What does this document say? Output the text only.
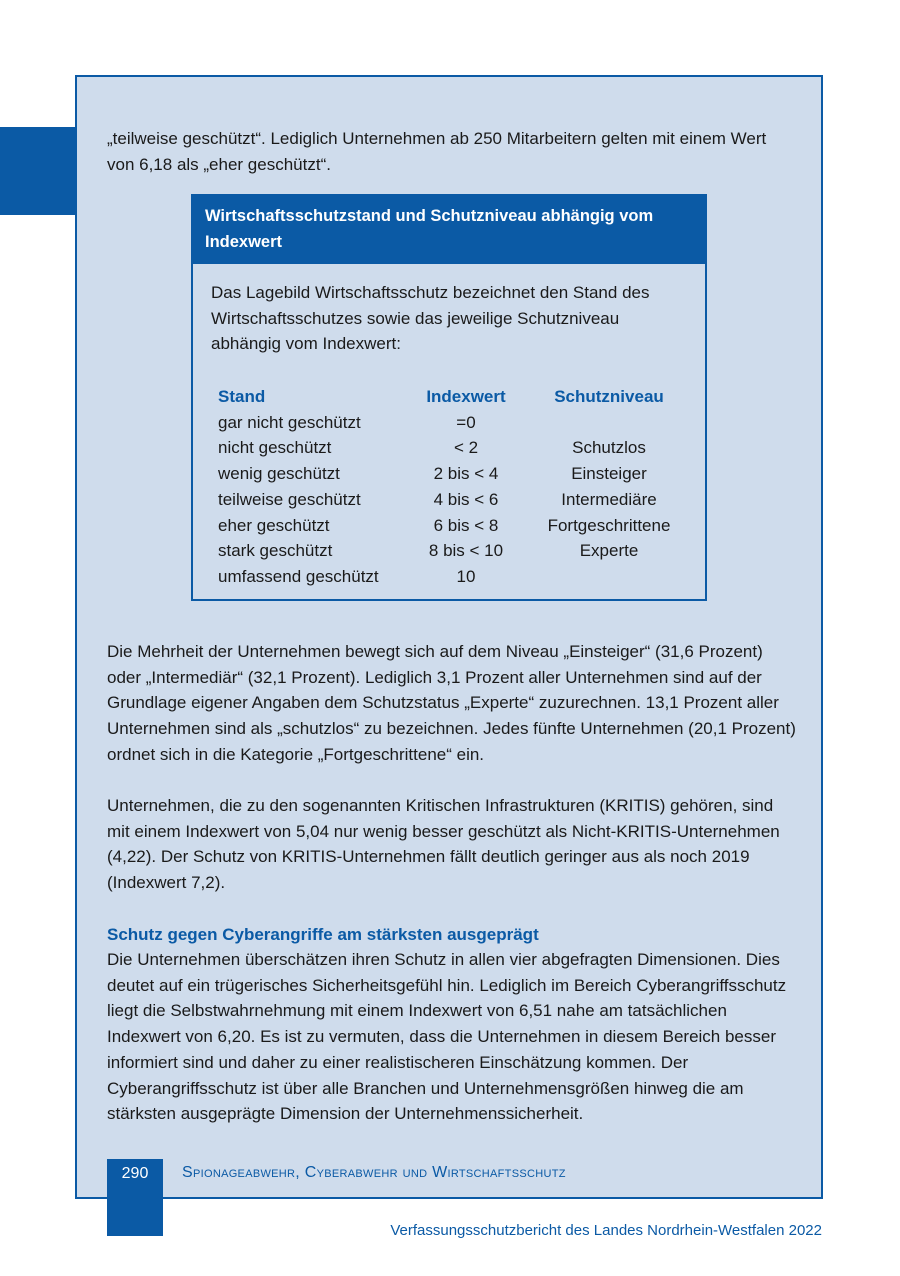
„teilweise geschützt“. Lediglich Unternehmen ab 250 Mitarbeitern gelten mit einem Wert von 6,18 als „eher geschützt“.

Wirtschaftsschutzstand und Schutzniveau abhängig vom Indexwert

Das Lagebild Wirtschaftsschutz bezeichnet den Stand des Wirtschaftsschutzes sowie das jeweilige Schutzniveau abhängig vom Indexwert:

Stand	Indexwert	Schutzniveau
gar nicht geschützt	=0	
nicht geschützt	< 2	Schutzlos
wenig geschützt	2 bis < 4	Einsteiger
teilweise geschützt	4 bis < 6	Intermediäre
eher geschützt	6 bis < 8	Fortgeschrittene
stark geschützt	8 bis < 10	Experte
umfassend geschützt	10	

Die Mehrheit der Unternehmen bewegt sich auf dem Niveau „Einsteiger“ (31,6 Prozent) oder „Intermediär“ (32,1 Prozent). Lediglich 3,1 Prozent aller Unternehmen sind auf der Grundlage eigener Angaben dem Schutzstatus „Experte“ zuzurechnen. 13,1 Prozent aller Unternehmen sind als „schutzlos“ zu bezeichnen. Jedes fünfte Unternehmen (20,1 Prozent) ordnet sich in die Kategorie „Fortgeschrittene“ ein.

Unternehmen, die zu den sogenannten Kritischen Infrastrukturen (KRITIS) gehören, sind mit einem Indexwert von 5,04 nur wenig besser geschützt als Nicht-KRITIS-Unternehmen (4,22). Der Schutz von KRITIS-Unternehmen fällt deutlich geringer aus als noch 2019 (Indexwert 7,2).

Schutz gegen Cyberangriffe am stärksten ausgeprägt

Die Unternehmen überschätzen ihren Schutz in allen vier abgefragten Dimensionen. Dies deutet auf ein trügerisches Sicherheitsgefühl hin. Lediglich im Bereich Cyberangriffsschutz liegt die Selbstwahrnehmung mit einem Indexwert von 6,51 nahe am tatsächlichen Indexwert von 6,20. Es ist zu vermuten, dass die Unternehmen in diesem Bereich besser informiert sind und daher zu einer realistischeren Einschätzung kommen. Der Cyberangriffsschutz ist über alle Branchen und Unternehmensgrößen hinweg die am stärksten ausgeprägte Dimension der Unternehmenssicherheit.

290	Spionageabwehr, Cyberabwehr und Wirtschaftsschutz
Verfassungsschutzbericht des Landes Nordrhein-Westfalen 2022
